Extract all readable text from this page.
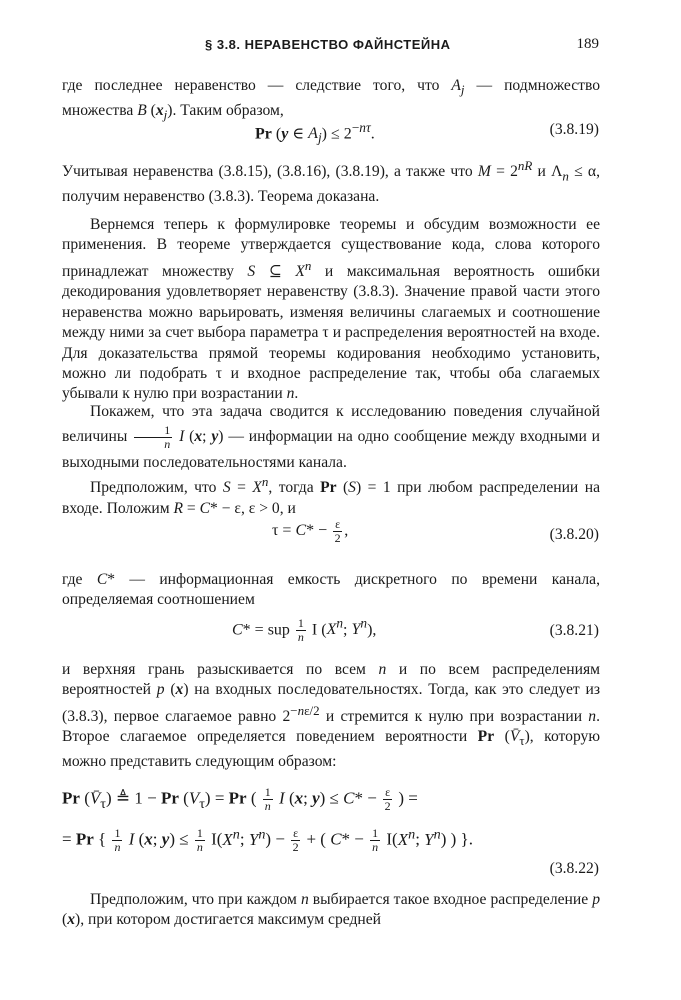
§ 3.8. НЕРАВЕНСТВО ФАЙНСТЕЙНА	189

где последнее неравенство — следствие того, что $A_j$ — подмножество множества B $(x_j)$. Таким образом,

Pr (y ∈ $A_j) \le 2^{-n\tau}$.	(3.8.19)

Учитывая неравенства (3.8.15), (3.8.16), (3.8.19), а также что $M = 2^{nR}$ и $\Lambda_n \le \alpha$, получим неравенство (3.8.3). Теорема доказана.

Вернемся теперь к формулировке теоремы и обсудим возможности ее применения. В теореме утверждается существование кода, слова которого принадлежат множеству S ⊆ $X^n$ и максимальная вероятность ошибки декодирования удовлетворяет неравенству (3.8.3). Значение правой части этого неравенства можно варьировать, изменяя величины слагаемых и соотношение между ними за счет выбора параметра τ и распределения вероятностей на входе. Для доказательства прямой теоремы кодирования необходимо установить, можно ли подобрать τ и входное распределение так, чтобы оба слагаемых убывали к нулю при возрастании n.

Покажем, что эта задача сводится к исследованию поведения случайной величины $\frac{1}{n}$ I (x; y) — информации на одно сообщение между входными и выходными последовательностями канала.

Предположим, что $S = X^n$, тогда Pr (S) = 1 при любом распределении на входе. Положим R = C* − ε, ε > 0, и

$\tau = C* - \frac{\varepsilon}{2}$ ,	(3.8.20)

где C* — информационная емкость дискретного по времени канала, определяемая соотношением

C* = sup $\frac{1}{n}$ I ($X^n$; $Y^n$),	(3.8.21)

и верхняя грань разыскивается по всем n и по всем распределениям вероятностей p (x) на входных последовательностях. Тогда, как это следует из (3.8.3), первое слагаемое равно $2^{-n\varepsilon/2}$ и стремится к нулю при возрастании n. Второе слагаемое определяется поведением вероятности Pr $(V̄_\tau)$, которую можно представить следующим образом:

Pr $(V̄_\tau)$ ≜ 1 − Pr $(V_\tau) = Pr$ ( $\frac{1}{n}$ I (x; $y) \le C* - \frac{\varepsilon}{2}$ ) =
= Pr { $\frac{1}{n}$ I (x; $y) \le \frac{1}{n} I(X^n$; $Y^n) - \frac{\varepsilon}{2}$ + ( $C* - \frac{1}{n} I(X^n$; $Y^n$) ) }.
(3.8.22)

Предположим, что при каждом n выбирается такое входное распределение p (x), при котором достигается максимум средней
